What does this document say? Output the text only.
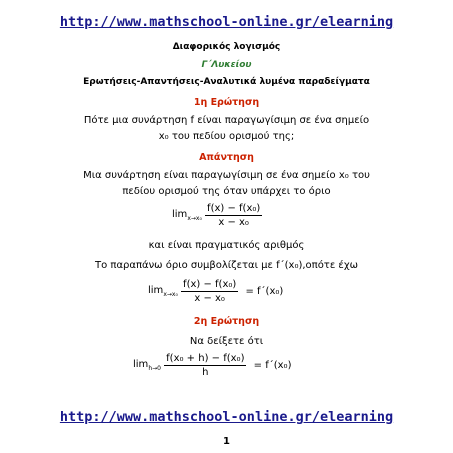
http://www.mathschool-online.gr/elearning
Διαφορικός λογισμός
Γ΄Λυκείου
Ερωτήσεις-Απαντήσεις-Αναλυτικά λυμένα παραδείγματα
1η Ερώτηση
Πότε μια συνάρτηση f είναι παραγωγίσιμη σε ένα σημείο
x₀ του πεδίου ορισμού της;
Απάντηση
Μια συνάρτηση είναι παραγωγίσιμη σε ένα σημείο x₀ του
πεδίου ορισμού της όταν υπάρχει το όριο
$\lim_{x\to x_0} \frac{\text{f(x) − f(x₀)}}{\text{x − x₀}}$
και είναι πραγματικός αριθμός
Το παραπάνω όριο συμβολίζεται με f΄(x₀),οπότε έχω
$\lim_{x\to x_0} \frac{\text{f(x) − f(x₀)}}{\text{x − x₀}} = f΄(x_0)$
2η Ερώτηση
Να δείξετε ότι
$\lim_{h\to 0} \frac{\text{f(x₀ + h) − f(x₀)}}{h} = f΄(x_0)$
http://www.mathschool-online.gr/elearning
1
